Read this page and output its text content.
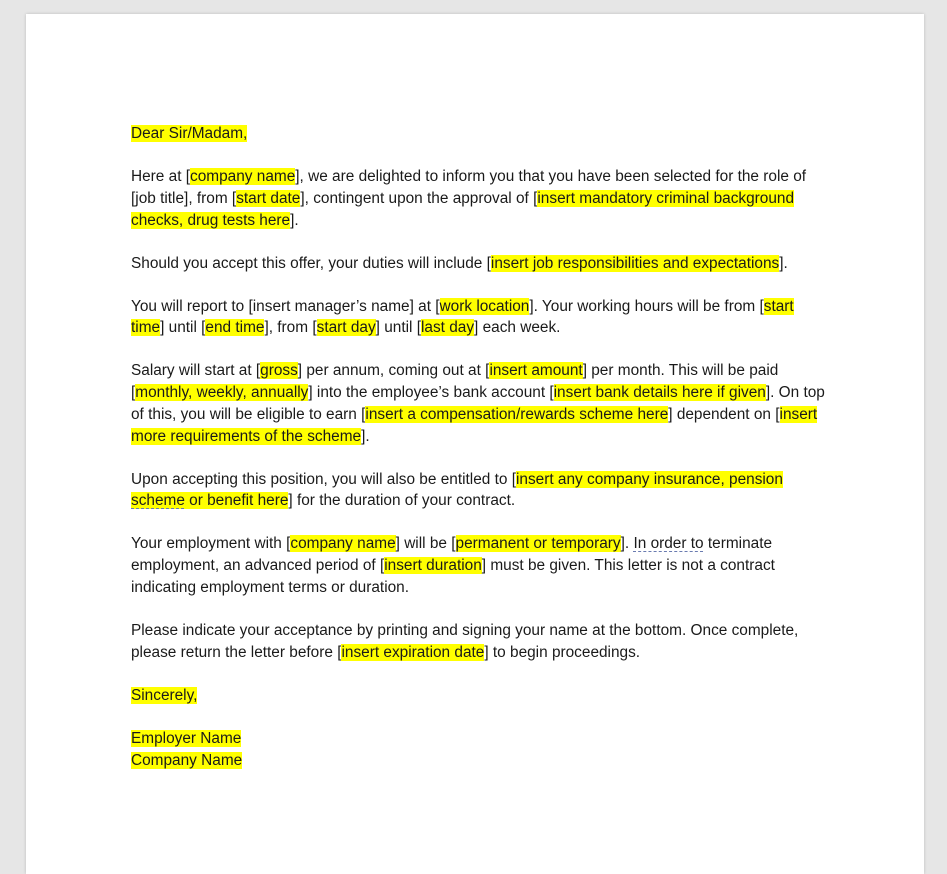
Dear Sir/Madam,

Here at [company name], we are delighted to inform you that you have been selected for the role of [job title], from [start date], contingent upon the approval of [insert mandatory criminal background checks, drug tests here].

Should you accept this offer, your duties will include [insert job responsibilities and expectations].

You will report to [insert manager’s name] at [work location]. Your working hours will be from [start time] until [end time], from [start day] until [last day] each week.

Salary will start at [gross] per annum, coming out at [insert amount] per month. This will be paid [monthly, weekly, annually] into the employee’s bank account [insert bank details here if given]. On top of this, you will be eligible to earn [insert a compensation/rewards scheme here] dependent on [insert more requirements of the scheme].

Upon accepting this position, you will also be entitled to [insert any company insurance, pension scheme or benefit here] for the duration of your contract.

Your employment with [company name] will be [permanent or temporary]. In order to terminate employment, an advanced period of [insert duration] must be given. This letter is not a contract indicating employment terms or duration.

Please indicate your acceptance by printing and signing your name at the bottom. Once complete, please return the letter before [insert expiration date] to begin proceedings.

Sincerely,

Employer Name

Company Name
